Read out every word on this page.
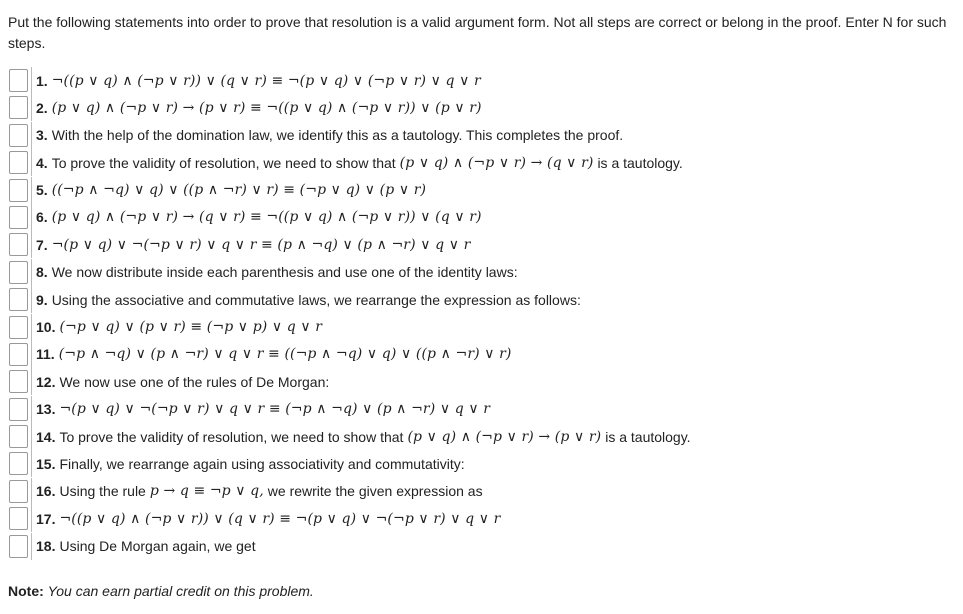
Put the following statements into order to prove that resolution is a valid argument form. Not all steps are correct or belong in the proof. Enter N for such steps.
1. ¬((p ∨ q) ∧ (¬p ∨ r)) ∨ (q ∨ r) ≡ ¬(p ∨ q) ∨ (¬p ∨ r) ∨ q ∨ r
2. (p ∨ q) ∧ (¬p ∨ r) → (p ∨ r) ≡ ¬((p ∨ q) ∧ (¬p ∨ r)) ∨ (p ∨ r)
3. With the help of the domination law, we identify this as a tautology. This completes the proof.
4. To prove the validity of resolution, we need to show that (p ∨ q) ∧ (¬p ∨ r) → (q ∨ r) is a tautology.
5. ((¬p ∧ ¬q) ∨ q) ∨ ((p ∧ ¬r) ∨ r) ≡ (¬p ∨ q) ∨ (p ∨ r)
6. (p ∨ q) ∧ (¬p ∨ r) → (q ∨ r) ≡ ¬((p ∨ q) ∧ (¬p ∨ r)) ∨ (q ∨ r)
7. ¬(p ∨ q) ∨ ¬(¬p ∨ r) ∨ q ∨ r ≡ (p ∧ ¬q) ∨ (p ∧ ¬r) ∨ q ∨ r
8. We now distribute inside each parenthesis and use one of the identity laws:
9. Using the associative and commutative laws, we rearrange the expression as follows:
10. (¬p ∨ q) ∨ (p ∨ r) ≡ (¬p ∨ p) ∨ q ∨ r
11. (¬p ∧ ¬q) ∨ (p ∧ ¬r) ∨ q ∨ r ≡ ((¬p ∧ ¬q) ∨ q) ∨ ((p ∧ ¬r) ∨ r)
12. We now use one of the rules of De Morgan:
13. ¬(p ∨ q) ∨ ¬(¬p ∨ r) ∨ q ∨ r ≡ (¬p ∧ ¬q) ∨ (p ∧ ¬r) ∨ q ∨ r
14. To prove the validity of resolution, we need to show that (p ∨ q) ∧ (¬p ∨ r) → (p ∨ r) is a tautology.
15. Finally, we rearrange again using associativity and commutativity:
16. Using the rule p → q ≡ ¬p ∨ q, we rewrite the given expression as
17. ¬((p ∨ q) ∧ (¬p ∨ r)) ∨ (q ∨ r) ≡ ¬(p ∨ q) ∨ ¬(¬p ∨ r) ∨ q ∨ r
18. Using De Morgan again, we get
Note: You can earn partial credit on this problem.
